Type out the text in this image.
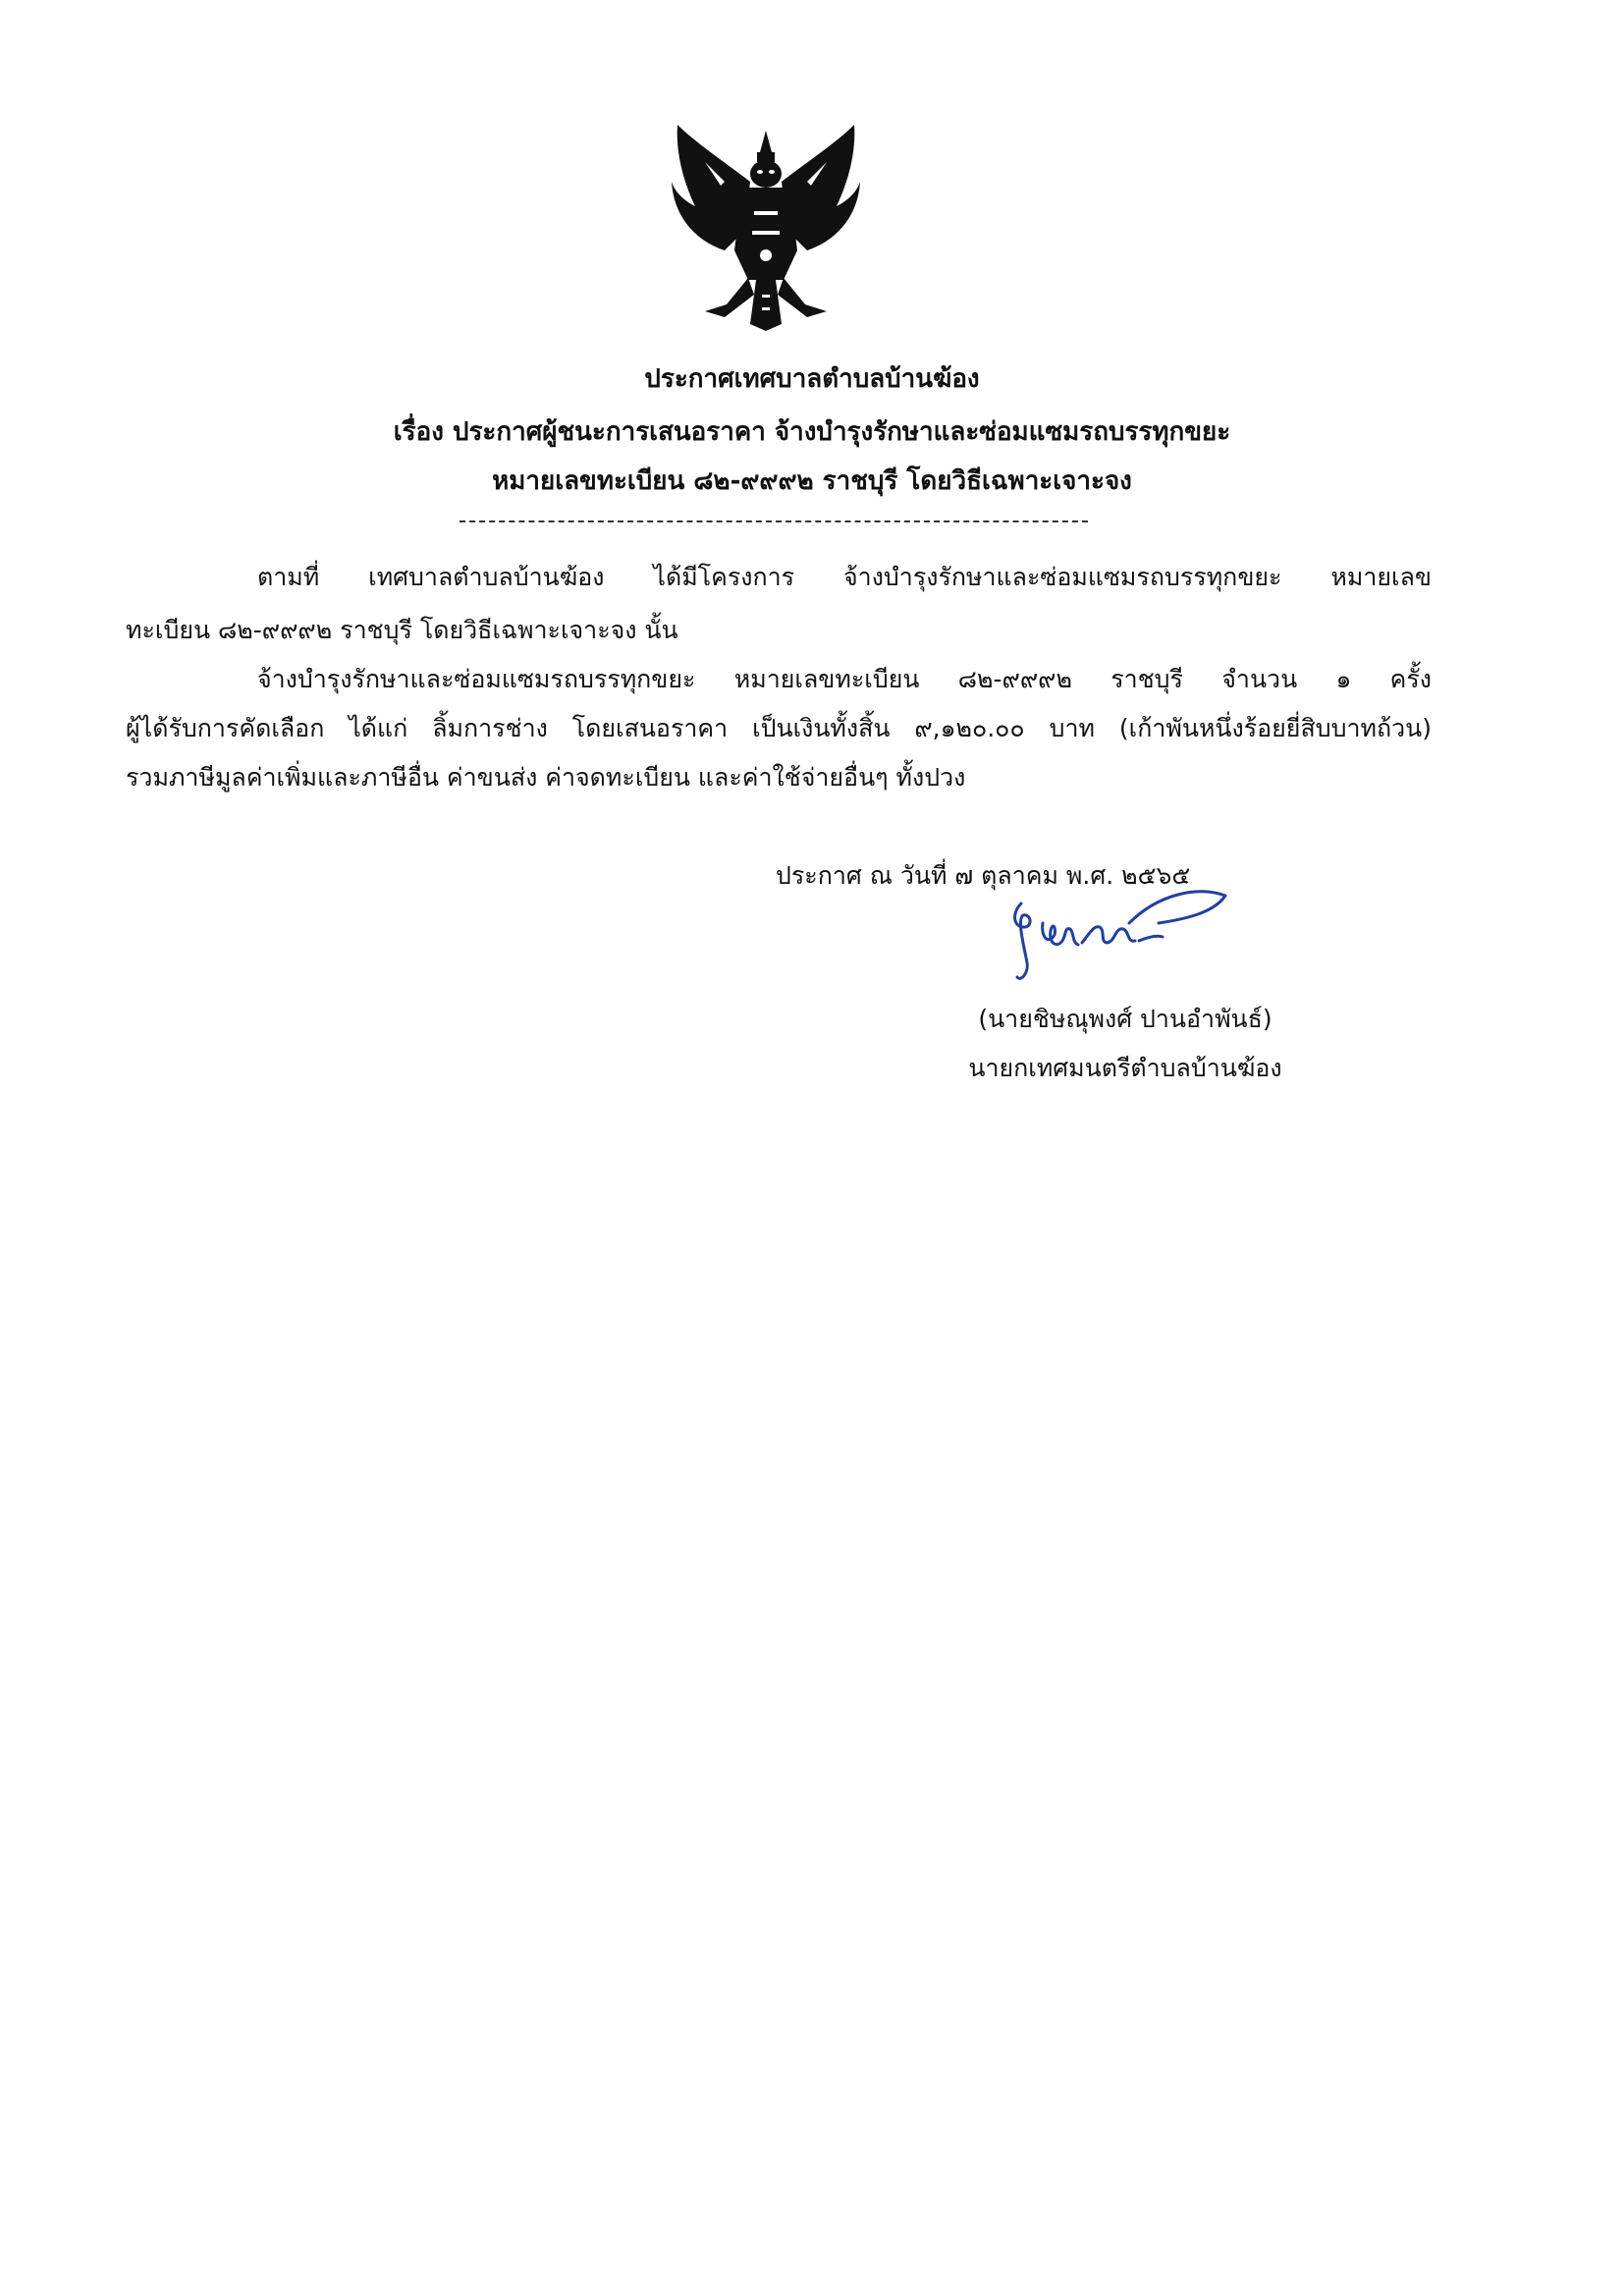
ประกาศเทศบาลตำบลบ้านฆ้อง
เรื่อง ประกาศผู้ชนะการเสนอราคา จ้างบำรุงรักษาและซ่อมแซมรถบรรทุกขยะ
หมายเลขทะเบียน ๘๒-๙๙๙๒ ราชบุรี โดยวิธีเฉพาะเจาะจง
ตามที่ เทศบาลตำบลบ้านฆ้อง ได้มีโครงการ จ้างบำรุงรักษาและซ่อมแซมรถบรรทุกขยะ หมายเลข
ทะเบียน ๘๒-๙๙๙๒ ราชบุรี โดยวิธีเฉพาะเจาะจง นั้น
จ้างบำรุงรักษาและซ่อมแซมรถบรรทุกขยะ หมายเลขทะเบียน ๘๒-๙๙๙๒ ราชบุรี จำนวน ๑ ครั้ง
ผู้ได้รับการคัดเลือก ได้แก่ ลิ้มการช่าง โดยเสนอราคา เป็นเงินทั้งสิ้น ๙,๑๒๐.๐๐ บาท (เก้าพันหนึ่งร้อยยี่สิบบาทถ้วน)
รวมภาษีมูลค่าเพิ่มและภาษีอื่น ค่าขนส่ง ค่าจดทะเบียน และค่าใช้จ่ายอื่นๆ ทั้งปวง
ประกาศ ณ วันที่ ๗ ตุลาคม พ.ศ. ๒๕๖๕
(นายชิษณุพงศ์ ปานอำพันธ์)
นายกเทศมนตรีตำบลบ้านฆ้อง
